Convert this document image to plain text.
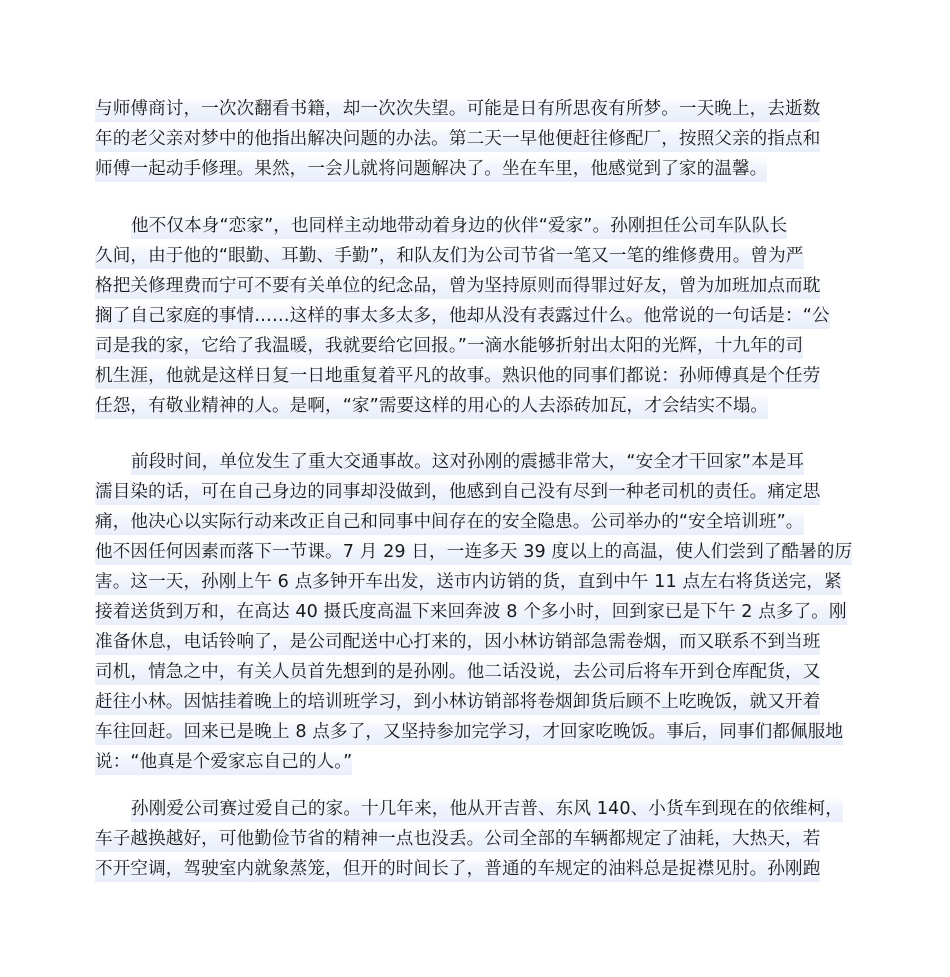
与师傅商讨，一次次翻看书籍，却一次次失望。可能是日有所思夜有所梦。一天晚上，去逝数
年的老父亲对梦中的他指出解决问题的办法。第二天一早他便赶往修配厂，按照父亲的指点和
师傅一起动手修理。果然，一会儿就将问题解决了。坐在车里，他感觉到了家的温馨。
他不仅本身“恋家”，也同样主动地带动着身边的伙伴“爱家”。孙刚担任公司车队队长
久间，由于他的“眼勤、耳勤、手勤”，和队友们为公司节省一笔又一笔的维修费用。曾为严
格把关修理费而宁可不要有关单位的纪念品，曾为坚持原则而得罪过好友，曾为加班加点而耽
搁了自己家庭的事情……这样的事太多太多，他却从没有表露过什么。他常说的一句话是：“公
司是我的家，它给了我温暖，我就要给它回报。”一滴水能够折射出太阳的光辉，十九年的司
机生涯，他就是这样日复一日地重复着平凡的故事。熟识他的同事们都说：孙师傅真是个任劳
任怨，有敬业精神的人。是啊，“家”需要这样的用心的人去添砖加瓦，才会结实不塌。
前段时间，单位发生了重大交通事故。这对孙刚的震撼非常大，“安全才干回家”本是耳
濡目染的话，可在自己身边的同事却没做到，他感到自己没有尽到一种老司机的责任。痛定思
痛，他决心以实际行动来改正自己和同事中间存在的安全隐患。公司举办的“安全培训班”。
他不因任何因素而落下一节课。7 月 29 日，一连多天 39 度以上的高温，使人们尝到了酷暑的厉
害。这一天，孙刚上午 6 点多钟开车出发，送市内访销的货，直到中午 11 点左右将货送完，紧
接着送货到万和，在高达 40 摄氏度高温下来回奔波 8 个多小时，回到家已是下午 2 点多了。刚
准备休息，电话铃响了，是公司配送中心打来的，因小林访销部急需卷烟，而又联系不到当班
司机，情急之中，有关人员首先想到的是孙刚。他二话没说，去公司后将车开到仓库配货，又
赶往小林。因惦挂着晚上的培训班学习，到小林访销部将卷烟卸货后顾不上吃晚饭，就又开着
车往回赶。回来已是晚上 8 点多了，又坚持参加完学习，才回家吃晚饭。事后，同事们都佩服地
说：“他真是个爱家忘自己的人。”
孙刚爱公司赛过爱自己的家。十几年来，他从开吉普、东风 140、小货车到现在的依维柯，
车子越换越好，可他勤俭节省的精神一点也没丢。公司全部的车辆都规定了油耗，大热天，若
不开空调，驾驶室内就象蒸笼，但开的时间长了，普通的车规定的油料总是捉襟见肘。孙刚跑
